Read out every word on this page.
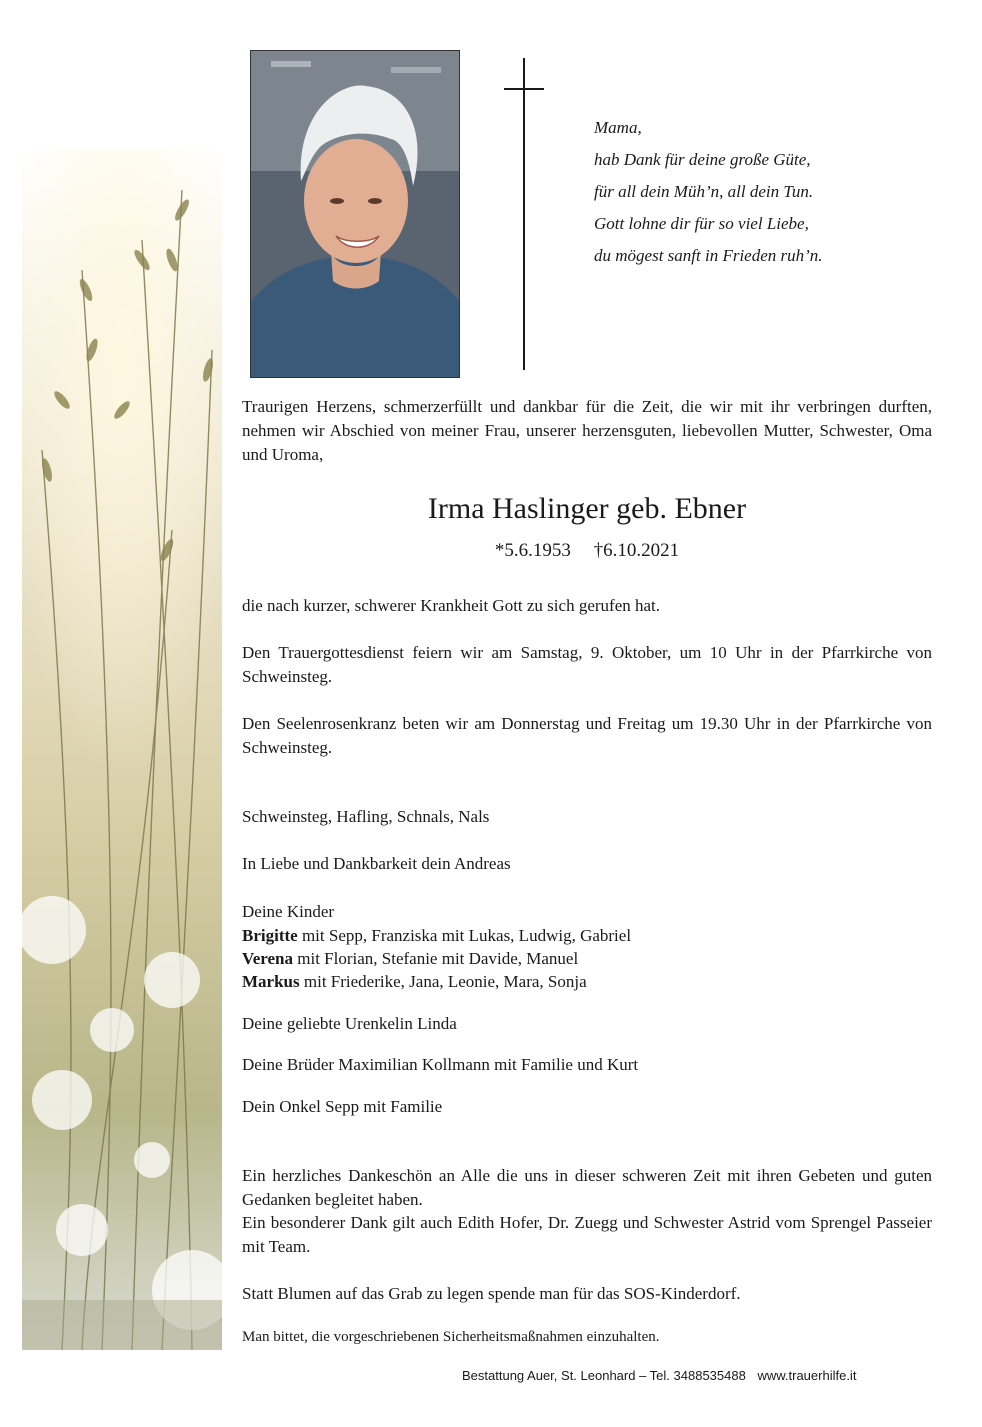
Mama,
hab Dank für deine große Güte,
für all dein Müh’n, all dein Tun.
Gott lohne dir für so viel Liebe,
du mögest sanft in Frieden ruh’n.
Traurigen Herzens, schmerzerfüllt und dankbar für die Zeit, die wir mit ihr verbringen durften, nehmen wir Abschied von meiner Frau, unserer herzensguten, liebevollen Mutter, Schwester, Oma und Uroma,
Irma Haslinger geb. Ebner
*5.6.1953 †6.10.2021
die nach kurzer, schwerer Krankheit Gott zu sich gerufen hat.
Den Trauergottesdienst feiern wir am Samstag, 9. Oktober, um 10 Uhr in der Pfarrkirche von Schweinsteg.
Den Seelenrosenkranz beten wir am Donnerstag und Freitag um 19.30 Uhr in der Pfarrkirche von Schweinsteg.
Schweinsteg, Hafling, Schnals, Nals
In Liebe und Dankbarkeit dein Andreas
Deine Kinder
Brigitte mit Sepp, Franziska mit Lukas, Ludwig, Gabriel
Verena mit Florian, Stefanie mit Davide, Manuel
Markus mit Friederike, Jana, Leonie, Mara, Sonja
Deine geliebte Urenkelin Linda
Deine Brüder Maximilian Kollmann mit Familie und Kurt
Dein Onkel Sepp mit Familie
Ein herzliches Dankeschön an Alle die uns in dieser schweren Zeit mit ihren Gebeten und guten Gedanken begleitet haben.
Ein besonderer Dank gilt auch Edith Hofer, Dr. Zuegg und Schwester Astrid vom Sprengel Passeier mit Team.
Statt Blumen auf das Grab zu legen spende man für das SOS-Kinderdorf.
Man bittet, die vorgeschriebenen Sicherheitsmaßnahmen einzuhalten.
Bestattung Auer, St. Leonhard – Tel. 3488535488 www.trauerhilfe.it
